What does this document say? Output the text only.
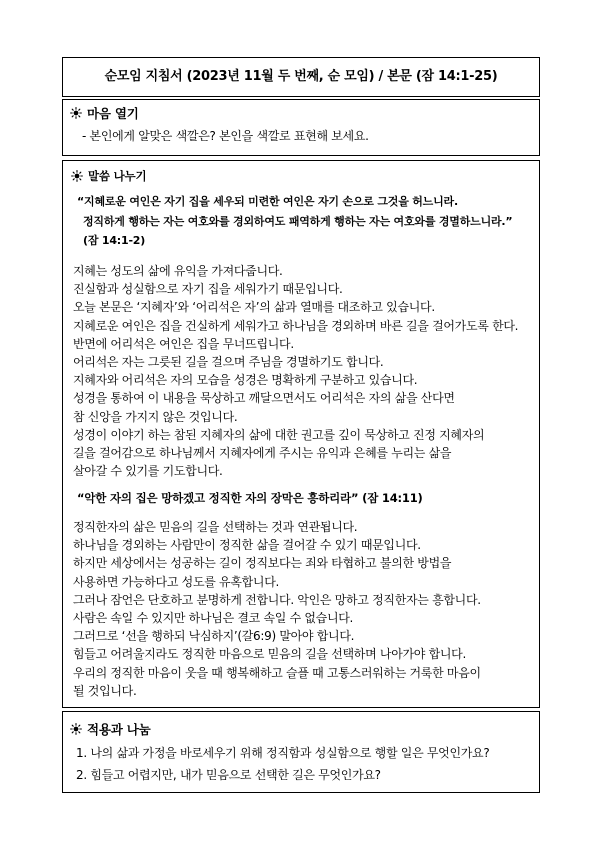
순모임 지침서 (2023년 11월 두 번째, 순 모임) / 본문 (잠 14:1-25)
마음 열기
- 본인에게 알맞은 색깔은? 본인을 색깔로 표현해 보세요.
말씀 나누기
“지혜로운 여인은 자기 집을 세우되 미련한 여인은 자기 손으로 그것을 허느니라.
정직하게 행하는 자는 여호와를 경외하여도 패역하게 행하는 자는 여호와를 경멸하느니라.”
(잠 14:1-2)
지혜는 성도의 삶에 유익을 가져다줍니다.
진실함과 성실함으로 자기 집을 세워가기 때문입니다.
오늘 본문은 ‘지혜자’와 ‘어리석은 자’의 삶과 열매를 대조하고 있습니다.
지혜로운 여인은 집을 건실하게 세워가고 하나님을 경외하며 바른 길을 걸어가도록 한다.
반면에 어리석은 여인은 집을 무너뜨립니다.
어리석은 자는 그릇된 길을 걸으며 주님을 경멸하기도 합니다.
지혜자와 어리석은 자의 모습을 성경은 명확하게 구분하고 있습니다.
성경을 통하여 이 내용을 묵상하고 깨달으면서도 어리석은 자의 삶을 산다면
참 신앙을 가지지 않은 것입니다.
성경이 이야기 하는 참된 지혜자의 삶에 대한 권고를 깊이 묵상하고 진정 지혜자의
길을 걸어감으로 하나님께서 지혜자에게 주시는 유익과 은혜를 누리는 삶을
살아갈 수 있기를 기도합니다.
“악한 자의 집은 망하겠고 정직한 자의 장막은 흥하리라” (잠 14:11)
정직한자의 삶은 믿음의 길을 선택하는 것과 연관됩니다.
하나님을 경외하는 사람만이 정직한 삶을 걸어갈 수 있기 때문입니다.
하지만 세상에서는 성공하는 길이 정직보다는 죄와 타협하고 불의한 방법을
사용하면 가능하다고 성도를 유혹합니다.
그러나 잠언은 단호하고 분명하게 전합니다. 악인은 망하고 정직한자는 흥합니다.
사람은 속일 수 있지만 하나님은 결코 속일 수 없습니다.
그러므로 ‘선을 행하되 낙심하지’(갈6:9) 말아야 합니다.
힘들고 어려울지라도 정직한 마음으로 믿음의 길을 선택하며 나아가야 합니다.
우리의 정직한 마음이 웃을 때 행복해하고 슬플 때 고통스러워하는 거룩한 마음이
될 것입니다.
적용과 나눔
1. 나의 삶과 가정을 바로세우기 위해 정직함과 성실함으로 행할 일은 무엇인가요?
2. 힘들고 어렵지만, 내가 믿음으로 선택한 길은 무엇인가요?
